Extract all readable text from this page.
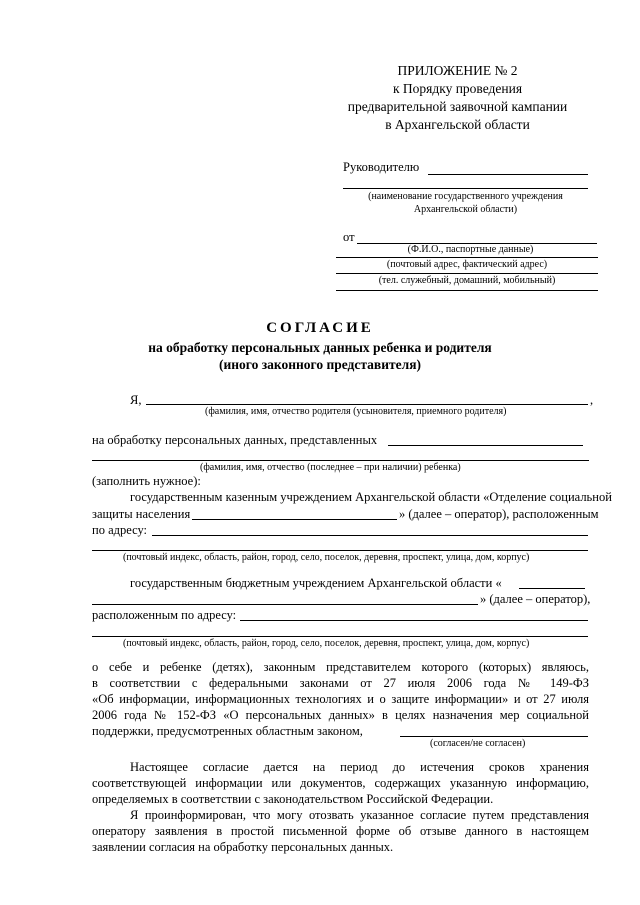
ПРИЛОЖЕНИЕ № 2
к Порядку проведения
предварительной заявочной кампании
в Архангельской области
Руководителю
(наименование государственного учреждения
Архангельской области)
от
(Ф.И.О., паспортные данные)
(почтовый адрес, фактический адрес)
(тел. служебный, домашний, мобильный)
СОГЛАСИЕ
на обработку персональных данных ребенка и родителя
(иного законного представителя)
Я,	,
(фамилия, имя, отчество родителя (усыновителя, приемного родителя)
на обработку персональных данных, представленных
(фамилия, имя, отчество (последнее – при наличии) ребенка)
(заполнить нужное):
государственным казенным учреждением Архангельской области «Отделение социальной
защиты населения	» (далее – оператор), расположенным
по адресу:
(почтовый индекс, область, район, город, село, поселок, деревня, проспект, улица, дом, корпус)
государственным бюджетным учреждением Архангельской области «
» (далее – оператор),
расположенным по адресу:
(почтовый индекс, область, район, город, село, поселок, деревня, проспект, улица, дом, корпус)
о себе и ребенке (детях), законным представителем которого (которых) являюсь,
в соответствии с федеральными законами от 27 июля 2006 года № 149-ФЗ
«Об информации, информационных технологиях и о защите информации» и от 27 июля
2006 года № 152-ФЗ «О персональных данных» в целях назначения мер социальной
поддержки, предусмотренных областным законом,
(согласен/не согласен)
Настоящее согласие дается на период до истечения сроков хранения
соответствующей информации или документов, содержащих указанную информацию,
определяемых в соответствии с законодательством Российской Федерации.
Я проинформирован, что могу отозвать указанное согласие путем представления
оператору заявления в простой письменной форме об отзыве данного в настоящем
заявлении согласия на обработку персональных данных.
